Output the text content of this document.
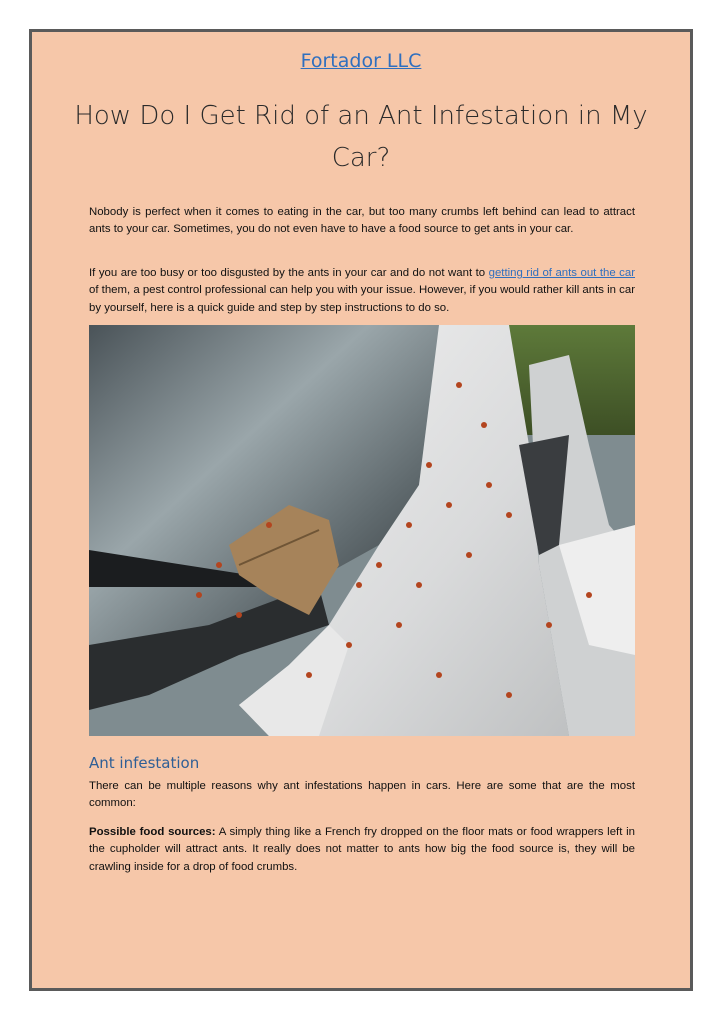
Fortador LLC
How Do I Get Rid of an Ant Infestation in My Car?

Nobody is perfect when it comes to eating in the car, but too many crumbs left behind can lead to attract ants to your car. Sometimes, you do not even have to have a food source to get ants in your car.

If you are too busy or too disgusted by the ants in your car and do not want to getting rid of ants out the car of them, a pest control professional can help you with your issue. However, if you would rather kill ants in car by yourself, here is a quick guide and step by step instructions to do so.

Ant infestation

There can be multiple reasons why ant infestations happen in cars. Here are some that are the most common:

Possible food sources: A simply thing like a French fry dropped on the floor mats or food wrappers left in the cupholder will attract ants. It really does not matter to ants how big the food source is, they will be crawling inside for a drop of food crumbs.
